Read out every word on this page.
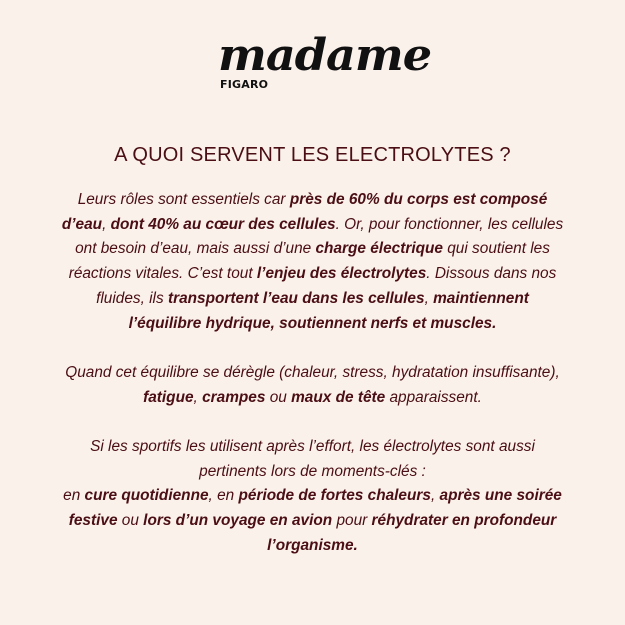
madame
FIGARO
A QUOI SERVENT LES ELECTROLYTES ?
Leurs rôles sont essentiels car près de 60% du corps est composé
d’eau, dont 40% au cœur des cellules. Or, pour fonctionner, les cellules
ont besoin d’eau, mais aussi d’une charge électrique qui soutient les
réactions vitales. C’est tout l’enjeu des électrolytes. Dissous dans nos
fluides, ils transportent l’eau dans les cellules, maintiennent
l’équilibre hydrique, soutiennent nerfs et muscles.
Quand cet équilibre se dérègle (chaleur, stress, hydratation insuffisante),
fatigue, crampes ou maux de tête apparaissent.
Si les sportifs les utilisent après l’effort, les électrolytes sont aussi
pertinents lors de moments-clés :
en cure quotidienne, en période de fortes chaleurs, après une soirée
festive ou lors d’un voyage en avion pour réhydrater en profondeur
l’organisme.
